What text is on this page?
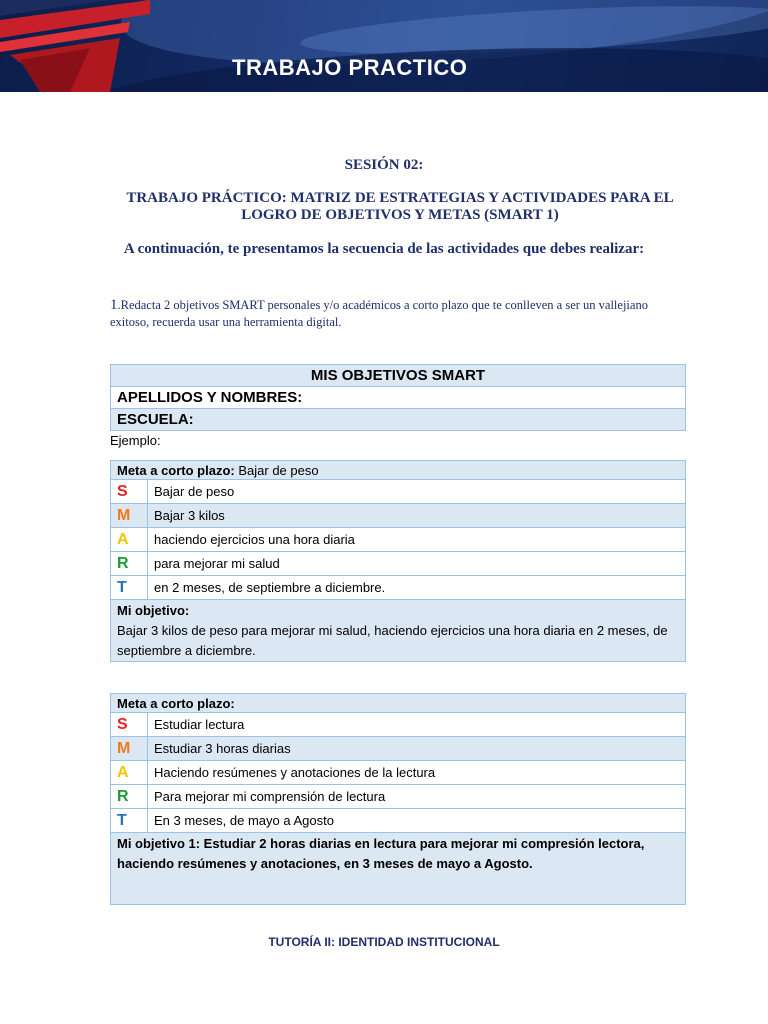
TRABAJO PRACTICO
SESIÓN 02:
TRABAJO PRÁCTICO: MATRIZ DE ESTRATEGIAS Y ACTIVIDADES PARA EL
LOGRO DE OBJETIVOS Y METAS (SMART 1)
A continuación, te presentamos la secuencia de las actividades que debes realizar:
1.Redacta 2 objetivos SMART personales y/o académicos a corto plazo que te conlleven a ser un vallejiano exitoso, recuerda usar una herramienta digital.
MIS OBJETIVOS SMART
APELLIDOS Y NOMBRES:
ESCUELA:
Ejemplo:
Meta a corto plazo: Bajar de peso	
S	Bajar de peso
M	Bajar 3 kilos
A	haciendo ejercicios una hora diaria
R	para mejorar mi salud
T	en 2 meses, de septiembre a diciembre.

Mi objetivo:
Bajar 3 kilos de peso para mejorar mi salud, haciendo ejercicios una hora diaria en 2 meses, de septiembre a diciembre.	
Meta a corto plazo:	
S	Estudiar lectura
M	Estudiar 3 horas diarias
A	Haciendo resúmenes y anotaciones de la lectura
R	Para mejorar mi comprensión de lectura
T	En 3 meses, de mayo a Agosto

Mi objetivo 1: Estudiar 2 horas diarias en lectura para mejorar mi compresión lectora, haciendo resúmenes y anotaciones, en 3 meses de mayo a Agosto.	
TUTORÍA II: IDENTIDAD INSTITUCIONAL
